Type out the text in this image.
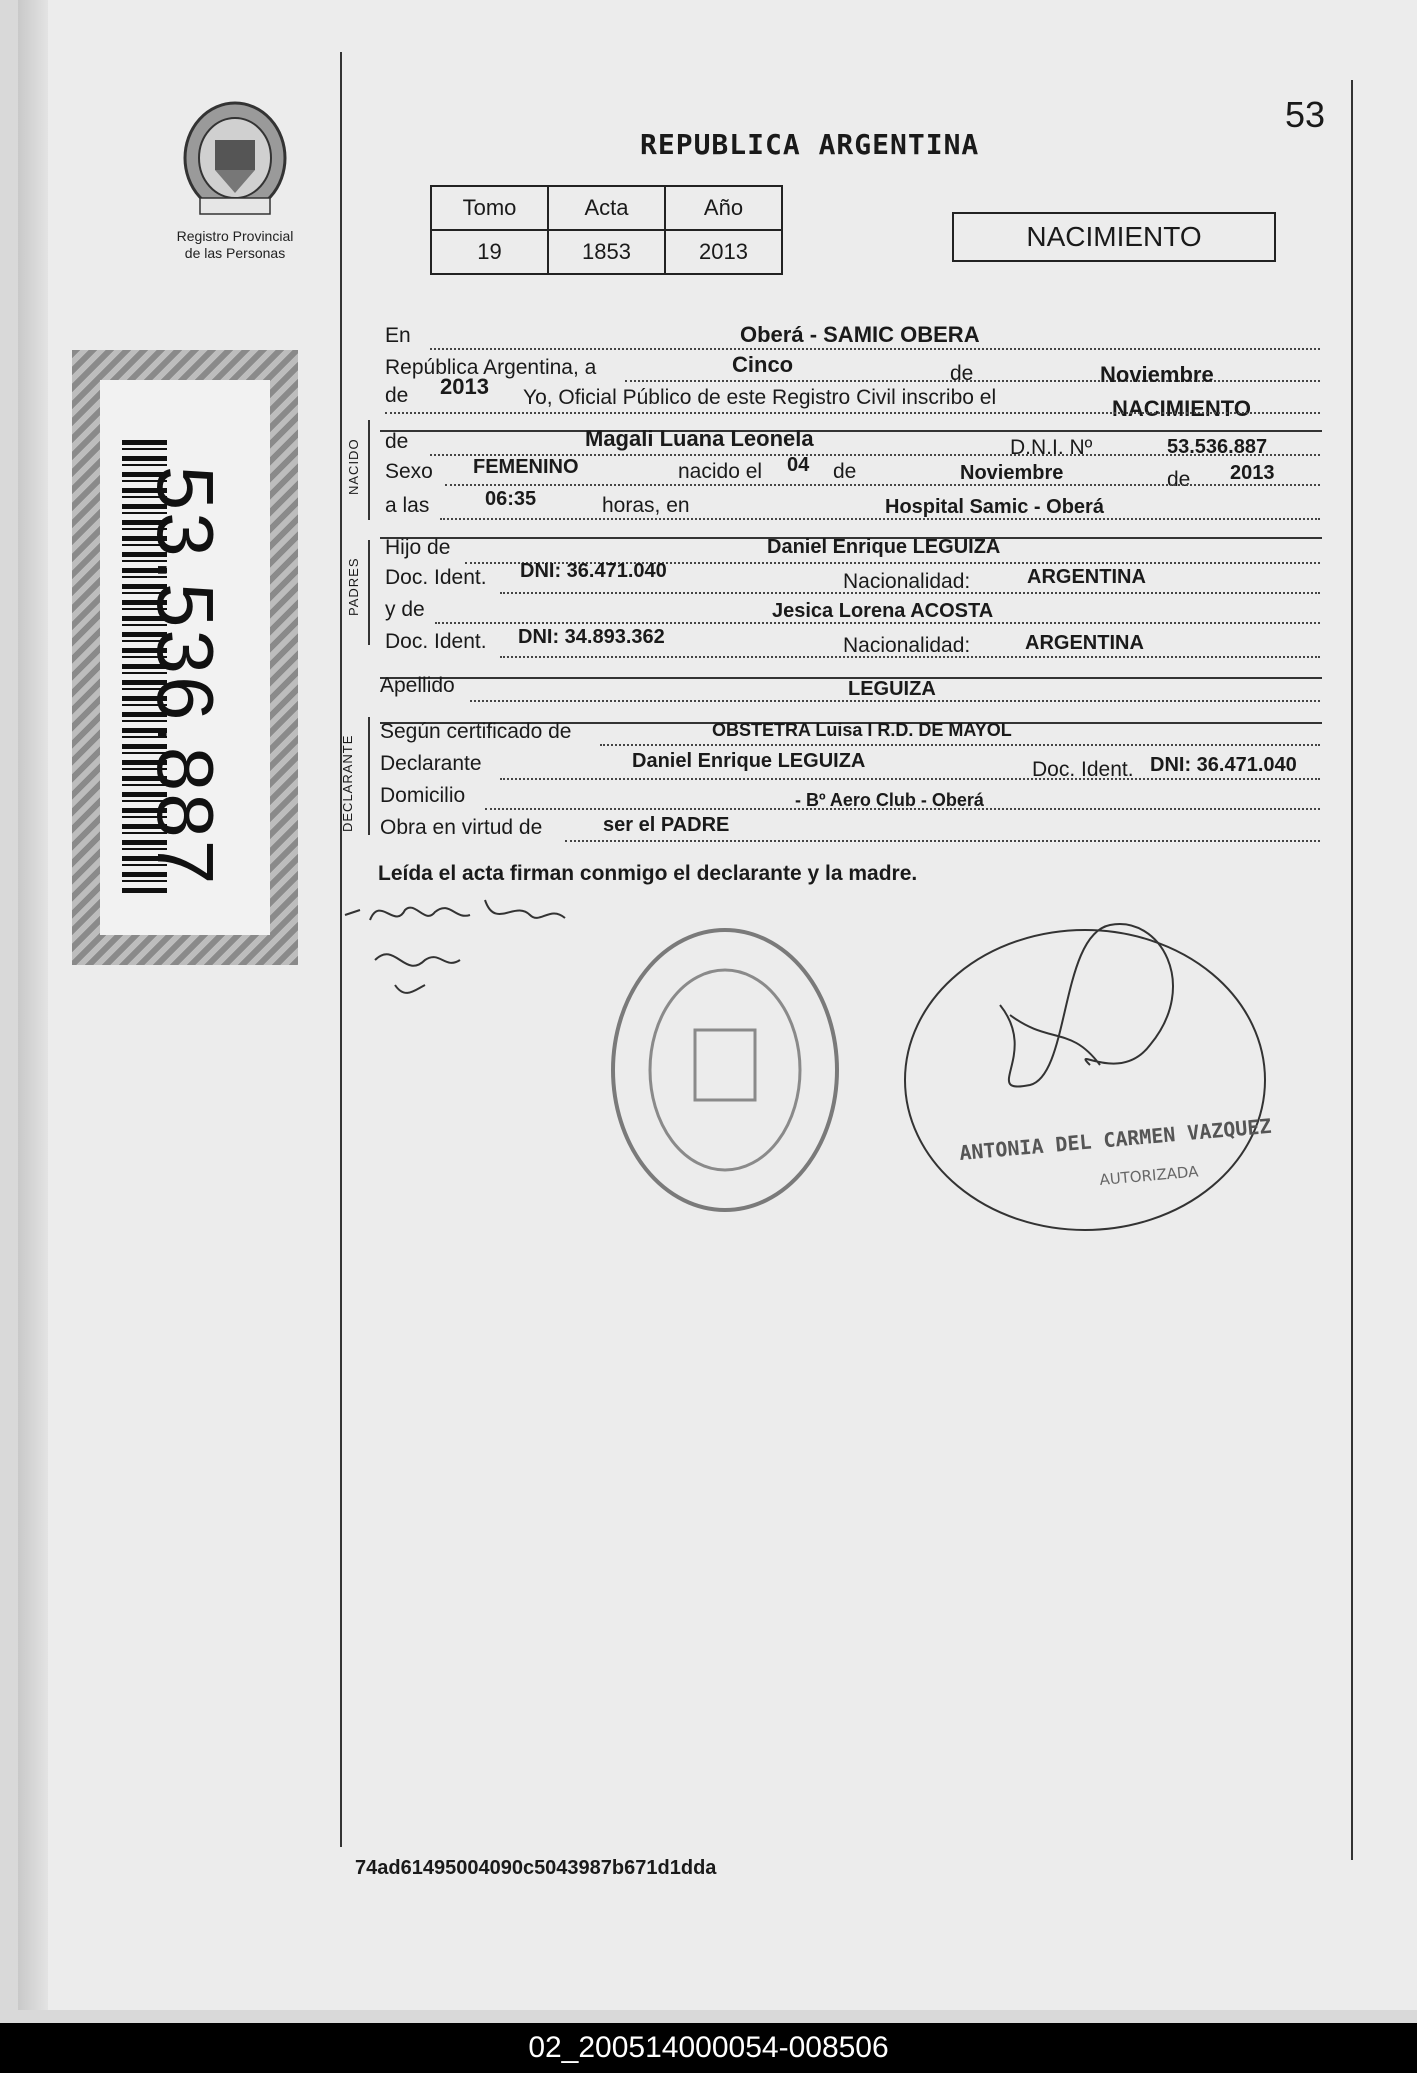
Registro Provincial de las Personas
53.536.887
53
REPUBLICA ARGENTINA
Tomo	Acta	Año
19	1853	2013	NACIMIENTO
En	Oberá - SAMIC OBERA
República Argentina, a	Cinco	de	Noviembre
de 2013 Yo, Oficial Público de este Registro Civil inscribo el	NACIMIENTO
NACIDO de	Magali Luana Leonela	D.N.I. Nº	53.536.887
Sexo FEMENINO	nacido el 04 de	Noviembre	de 2013
a las	06:35	horas, en	Hospital Samic - Oberá
PADRES
Hijo de	Daniel Enrique LEGUIZA
Doc. Ident. DNI: 36.471.040	Nacionalidad:	ARGENTINA
y de	Jesica Lorena ACOSTA
Doc. Ident. DNI: 34.893.362	Nacionalidad:	ARGENTINA
Apellido	LEGUIZA
DECLARANTE
Según certificado de	OBSTETRA Luisa I R.D. DE MAYOL
Declarante	Daniel Enrique LEGUIZA	Doc. Ident. DNI: 36.471.040
Domicilio	- Bº Aero Club - Oberá
Obra en virtud de	ser el PADRE
Leída el acta firman conmigo el declarante y la madre.
ANTONIA DEL CARMEN VAZQUEZ
AUTORIZADA
74ad61495004090c5043987b671d1dda
02_200514000054-008506
